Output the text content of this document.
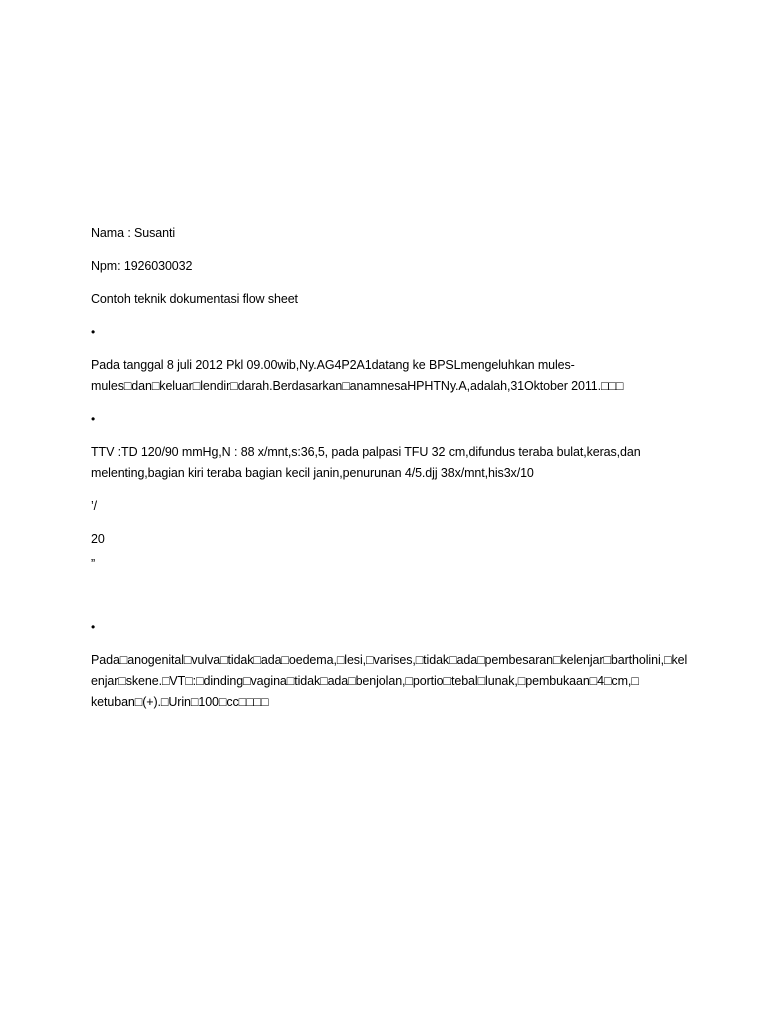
Nama : Susanti

Npm: 1926030032

Contoh teknik dokumentasi flow sheet

•

Pada tanggal 8 juli 2012 Pkl 09.00wib,Ny.AG4P2A1datang ke BPSLmengeluhkan mules-mules□dan□keluar□lendir□darah.Berdasarkan□anamnesaHPHTNy.A,adalah,31Oktober 2011.□□□

•

TTV :TD 120/90 mmHg,N : 88 x/mnt,s:36,5, pada palpasi TFU 32 cm,difundus teraba bulat,keras,dan melenting,bagian kiri teraba bagian kecil janin,penurunan 4/5.djj 38x/mnt,his3x/10

’/

20

”

•

Pada□anogenital□vulva□tidak□ada□oedema,□lesi,□varises,□tidak□ada□pembesaran□kelenjar□bartholini,□kelenjar□skene.□VT□:□dinding□vagina□tidak□ada□benjolan,□portio□tebal□lunak,□pembukaan□4□cm,□ ketuban□(+).□Urin□100□cc□□□□
